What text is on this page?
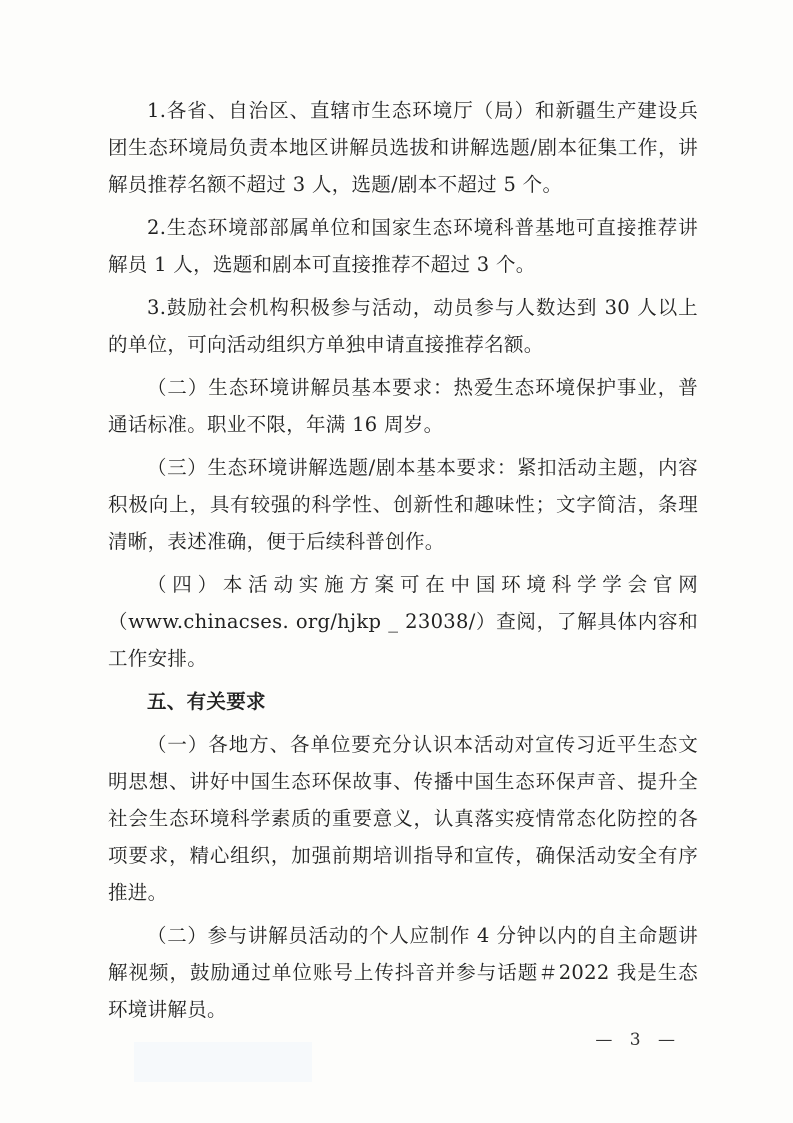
1.各省、自治区、直辖市生态环境厅（局）和新疆生产建设兵团生态环境局负责本地区讲解员选拔和讲解选题/剧本征集工作，讲解员推荐名额不超过 3 人，选题/剧本不超过 5 个。

2.生态环境部部属单位和国家生态环境科普基地可直接推荐讲解员 1 人，选题和剧本可直接推荐不超过 3 个。

3.鼓励社会机构积极参与活动，动员参与人数达到 30 人以上的单位，可向活动组织方单独申请直接推荐名额。

（二）生态环境讲解员基本要求：热爱生态环境保护事业，普通话标准。职业不限，年满 16 周岁。

（三）生态环境讲解选题/剧本基本要求：紧扣活动主题，内容积极向上，具有较强的科学性、创新性和趣味性；文字简洁，条理清晰，表述准确，便于后续科普创作。

（四）本活动实施方案可在中国环境科学学会官网（www.chinacses. org/hjkp _ 23038/）查阅，了解具体内容和工作安排。

五、有关要求

（一）各地方、各单位要充分认识本活动对宣传习近平生态文明思想、讲好中国生态环保故事、传播中国生态环保声音、提升全社会生态环境科学素质的重要意义，认真落实疫情常态化防控的各项要求，精心组织，加强前期培训指导和宣传，确保活动安全有序推进。

（二）参与讲解员活动的个人应制作 4 分钟以内的自主命题讲解视频，鼓励通过单位账号上传抖音并参与话题＃2022 我是生态环境讲解员。

— 3 —
